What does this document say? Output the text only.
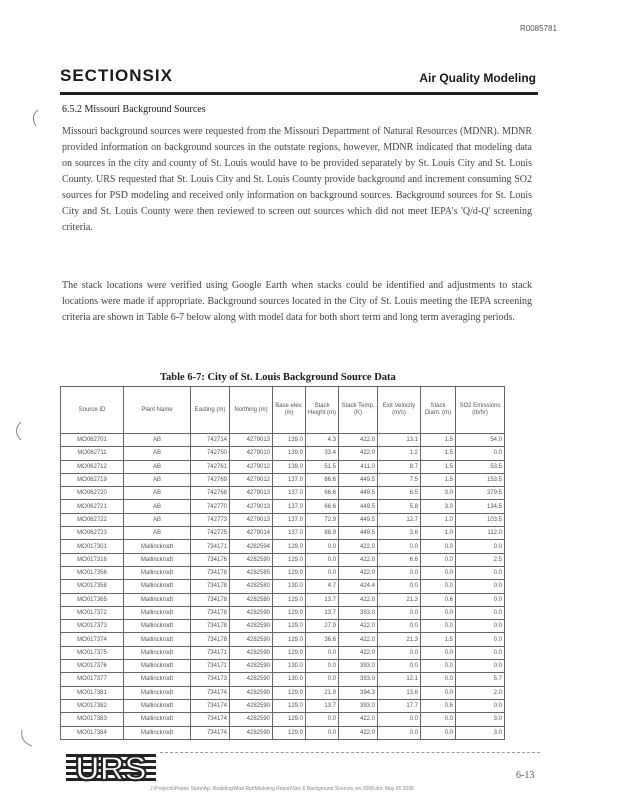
R0085781
SECTIONSIX	Air Quality Modeling
6.5.2 Missouri Background Sources
Missouri background sources were requested from the Missouri Department of Natural Resources (MDNR). MDNR provided information on background sources in the outstate regions, however, MDNR indicated that modeling data on sources in the city and county of St. Louis would have to be provided separately by St. Louis City and St. Louis County. URS requested that St. Louis City and St. Louis County provide background and increment consuming SO2 sources for PSD modeling and received only information on background sources. Background sources for St. Louis City and St. Louis County were then reviewed to screen out sources which did not meet IEPA's 'Q/d-Q' screening criteria.
The stack locations were verified using Google Earth when stacks could be identified and adjustments to stack locations were made if appropriate. Background sources located in the City of St. Louis meeting the IEPA screening criteria are shown in Table 6-7 below along with model data for both short term and long term averaging periods.
Table 6-7: City of St. Louis Background Source Data
Source ID	Plant Name	Easting (m)	Northing (m)	Base elev. (m)	Stack Height (m)	Stack Temp. (K)	Exit Velocity (m/s)	Stack Diam. (m)	SO2 Emissions (lb/hr)
MO062701	AB	742714	4279013	139.0	4.3	422.0	13.1	1.5	54.0
MO062711	AB	742750	4279010	139.0	33.4	422.0	1.2	1.5	0.0
MO062712	AB	742761	4279012	139.0	51.5	411.0	8.7	1.5	53.5
MO062719	AB	742769	4279012	137.0	66.6	449.5	7.5	1.5	153.5
MO062720	AB	742768	4279013	137.0	66.6	449.5	6.5	3.0	379.5
MO062721	AB	742770	4279013	137.0	66.6	449.5	5.8	3.0	134.5
MO062722	AB	742773	4279013	137.0	72.9	449.5	12.7	1.0	103.5
MO062723	AB	742775	4279014	137.0	88.9	449.5	3.6	1.0	112.0
MO017301	Mallinckrodt	734171	4282594	129.0	0.0	422.0	0.0	0.0	0.0
MO017316	Mallinckrodt	734176	4282590	129.0	0.0	422.0	6.6	0.0	2.5
MO017356	Mallinckrodt	734178	4282585	129.0	0.0	422.0	0.0	0.0	0.0
MO017358	Mallinckrodt	734178	4282580	130.0	4.7	424.4	0.0	0.0	0.0
MO017365	Mallinckrodt	734178	4282580	129.0	13.7	422.0	21.3	0.6	0.0
MO017372	Mallinckrodt	734178	4282590	129.0	13.7	393.0	0.0	0.0	0.0
MO017373	Mallinckrodt	734178	4282590	129.0	27.9	422.0	0.0	0.0	0.0
MO017374	Mallinckrodt	734178	4282590	129.0	36.6	422.0	21.3	1.5	0.0
MO017375	Mallinckrodt	734171	4282590	129.0	0.0	422.0	0.0	0.0	0.0
MO017376	Mallinckrodt	734171	4282590	130.0	0.0	393.0	0.0	0.0	0.0
MO017377	Mallinckrodt	734173	4282590	130.0	0.0	393.0	12.1	0.0	5.7
MO017381	Mallinckrodt	734174	4282590	129.0	21.9	394.3	13.6	0.0	2.0
MO017382	Mallinckrodt	734174	4282590	129.0	13.7	393.0	17.7	0.6	0.0
MO017383	Mallinckrodt	734174	4282590	129.0	0.0	422.0	0.0	0.0	3.0
MO017384	Mallinckrodt	734174	4282590	129.0	0.0	422.0	0.0	0.0	3.0
URS	6-13
J:\Projects\Prairie State\Ap. Modeling\Mod Rpt\Modeling Report\Sec 6 Background Sources rev 2008.doc May 26 2008
